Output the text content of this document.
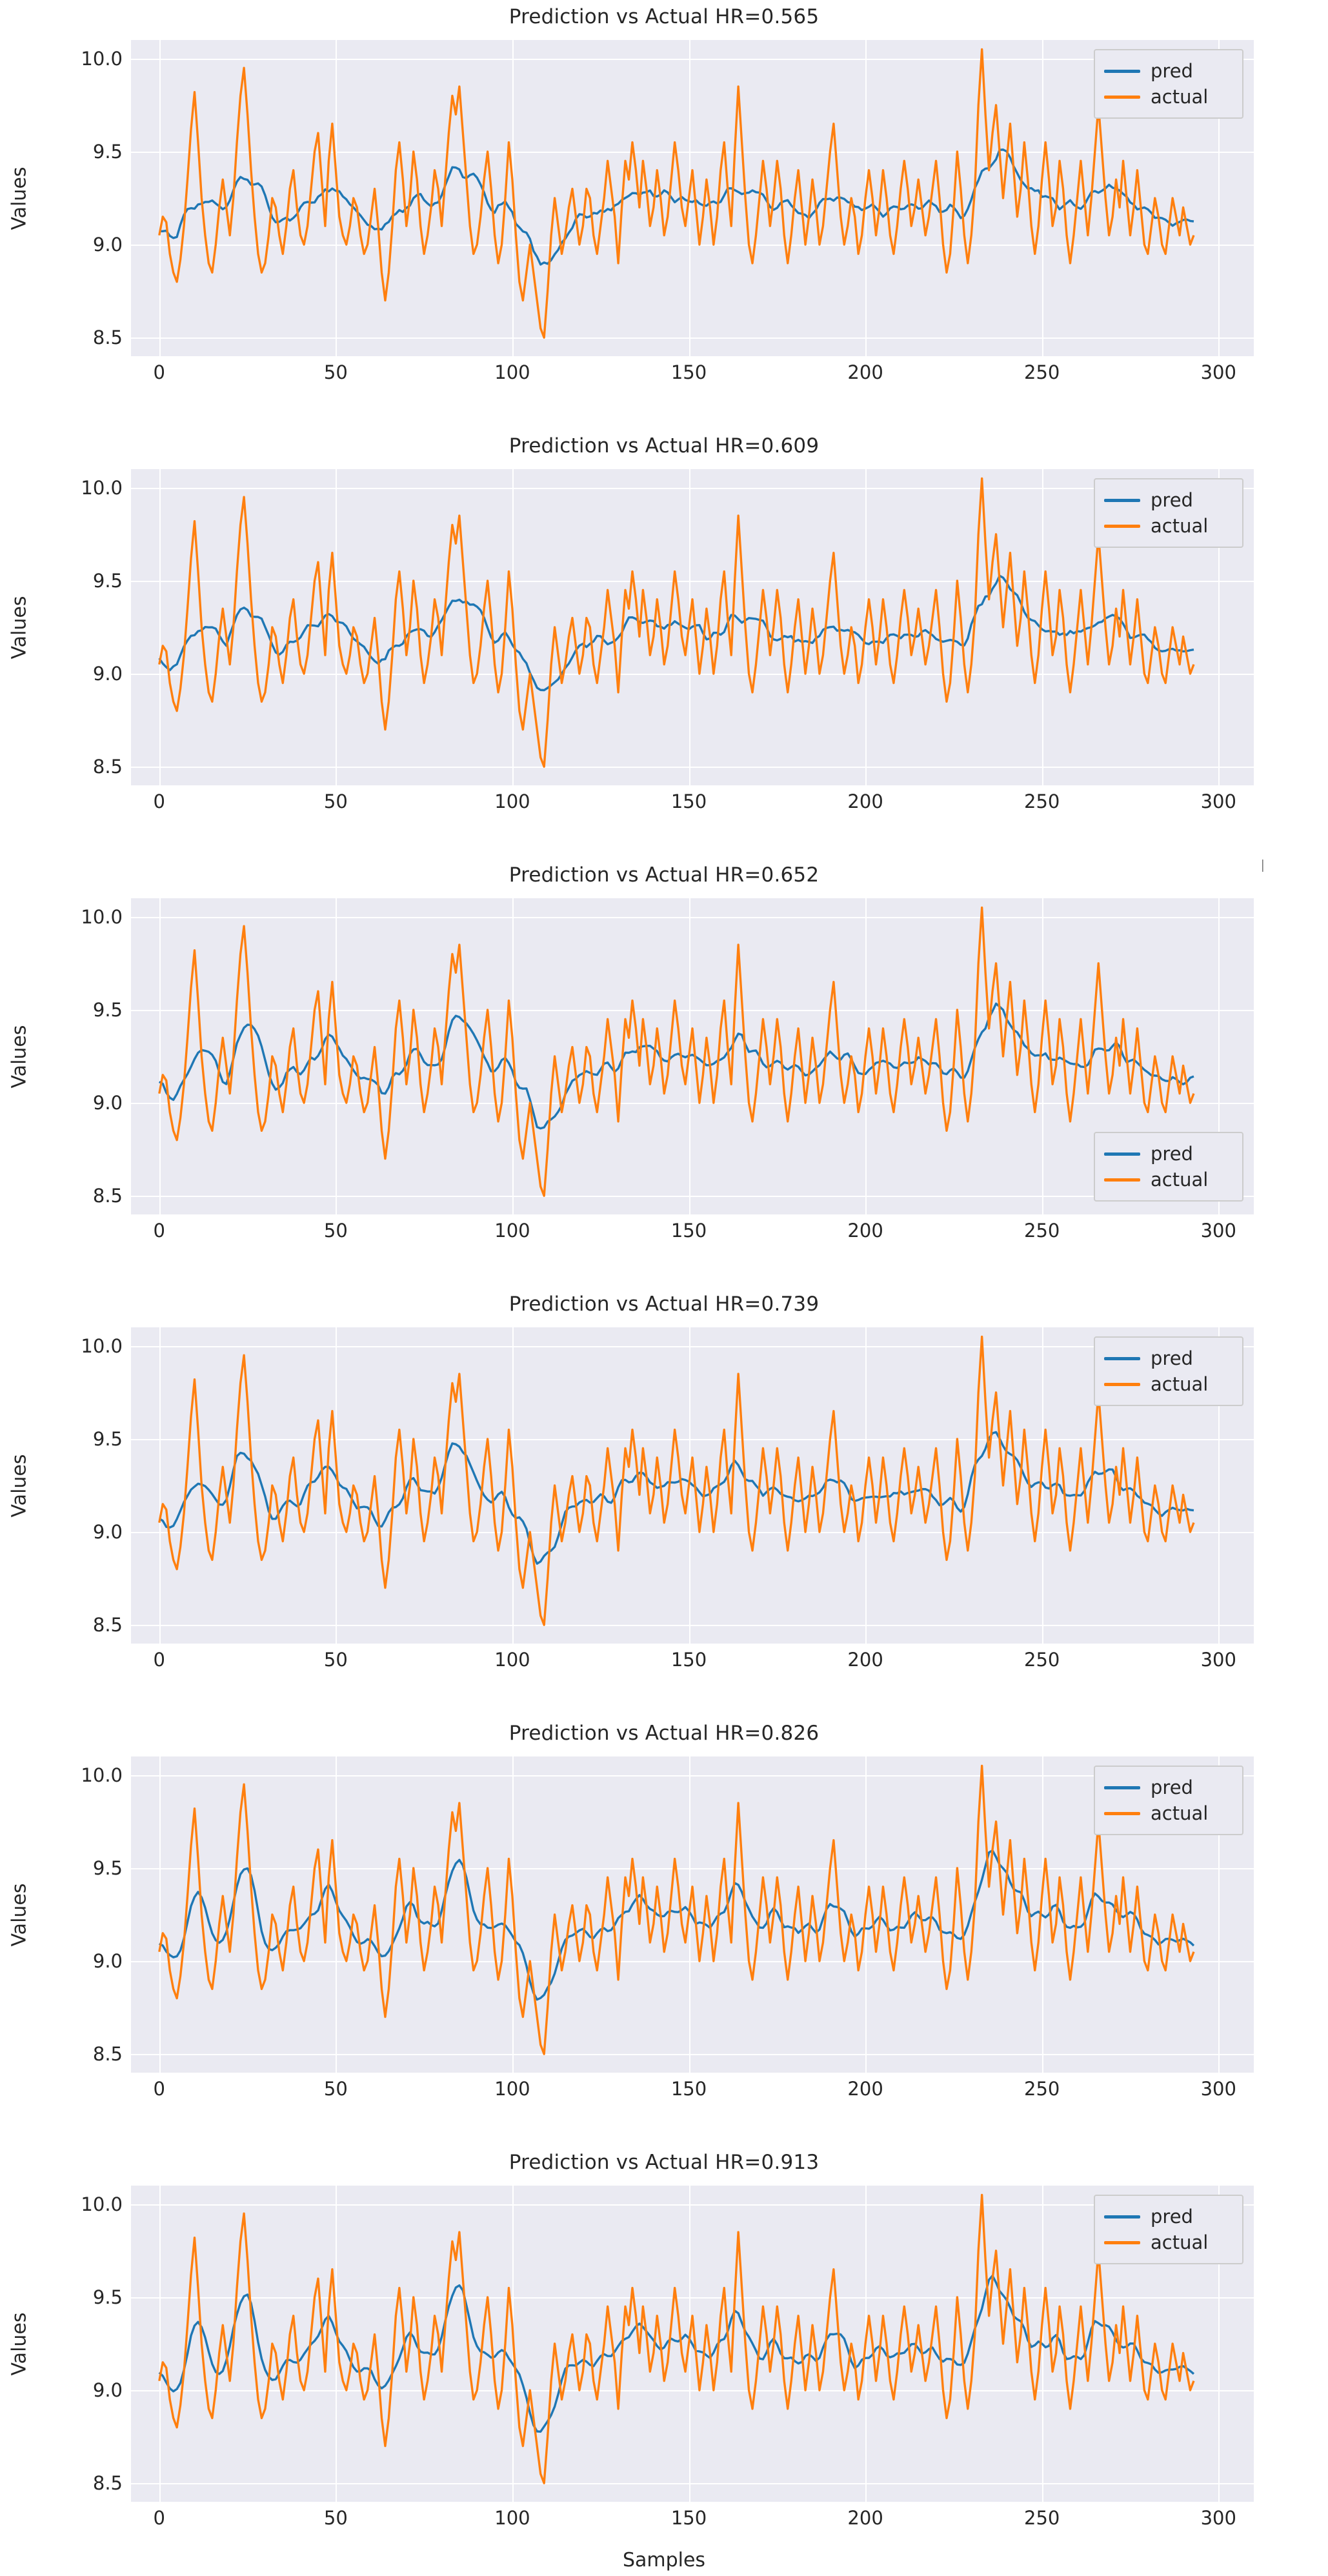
Prediction vs Actual HR=0.565
Values
8.5
9.0
9.5
10.0
0	50	100	150	200	250	300
pred
actual
Prediction vs Actual HR=0.609
Values
8.5
9.0
9.5
10.0
0	50	100	150	200	250	300
pred
actual
Prediction vs Actual HR=0.652
Values
8.5
9.0
9.5
10.0
0	50	100	150	200	250	300
pred
actual
Prediction vs Actual HR=0.739
Values
8.5
9.0
9.5
10.0
0	50	100	150	200	250	300
pred
actual
Prediction vs Actual HR=0.826
Values
8.5
9.0
9.5
10.0
0	50	100	150	200	250	300
pred
actual
Prediction vs Actual HR=0.913
Values
8.5
9.0
9.5
10.0
0	50	100	150	200	250	300
pred
actual
│
Samples
